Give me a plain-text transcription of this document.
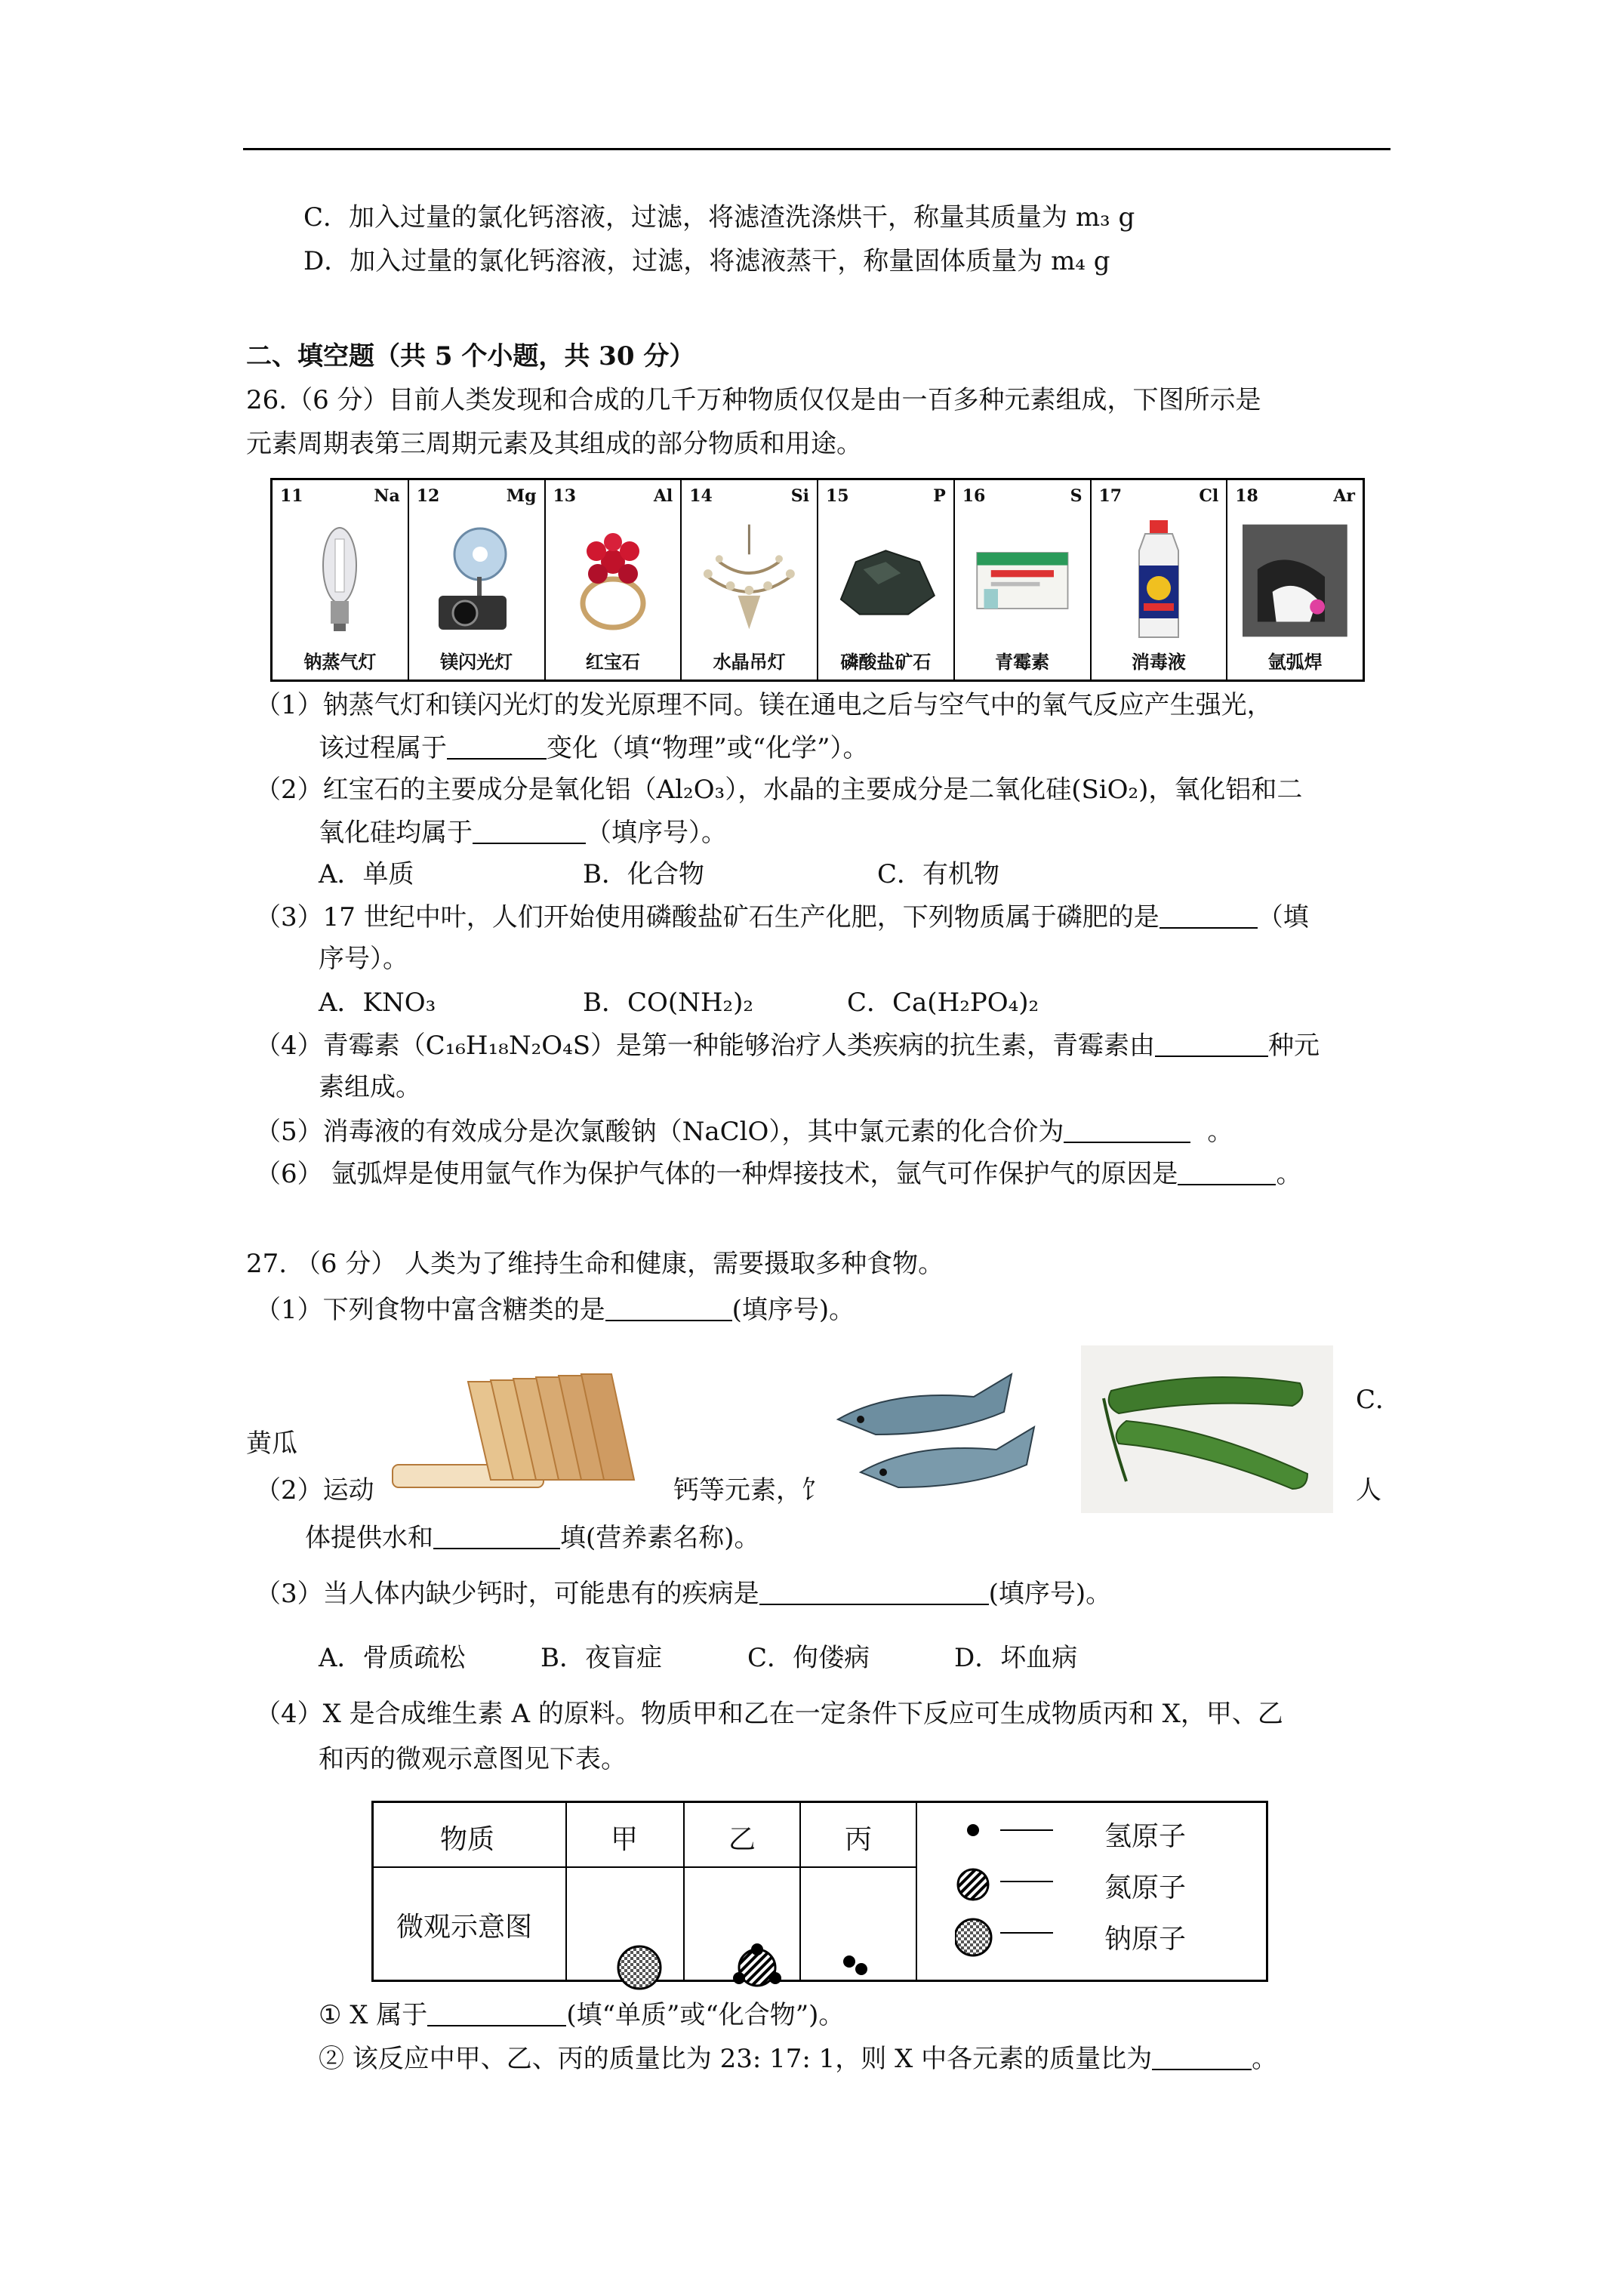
C．加入过量的氯化钙溶液，过滤，将滤渣洗涤烘干，称量其质量为 m₃ g
D．加入过量的氯化钙溶液，过滤，将滤液蒸干，称量固体质量为 m₄ g
二、填空题（共 5 个小题，共 30 分）
26.（6 分）目前人类发现和合成的几千万种物质仅仅是由一百多种元素组成，下图所示是
元素周期表第三周期元素及其组成的部分物质和用途。
11	Na
钠蒸气灯
12	Mg
镁闪光灯
13	Al
红宝石
14	Si
水晶吊灯
15	P
磷酸盐矿石
16	S
青霉素
17	Cl
消毒液
18	Ar
氩弧焊
（1）钠蒸气灯和镁闪光灯的发光原理不同。镁在通电之后与空气中的氧气反应产生强光，
该过程属于	变化（填“物理”或“化学”）。
（2）红宝石的主要成分是氧化铝（Al₂O₃），水晶的主要成分是二氧化硅(SiO₂)，氧化铝和二
氧化硅均属于	（填序号）。
A．单质	B．化合物	C．有机物
（3）17 世纪中叶，人们开始使用磷酸盐矿石生产化肥，下列物质属于磷肥的是	（填
序号）。
A．KNO₃	B．CO(NH₂)₂	C．Ca(H₂PO₄)₂
（4）青霉素（C₁₆H₁₈N₂O₄S）是第一种能够治疗人类疾病的抗生素，青霉素由	种元
素组成。
（5）消毒液的有效成分是次氯酸钠（NaClO），其中氯元素的化合价为	。
（6） 氩弧焊是使用氩气作为保护气体的一种焊接技术，氩气可作保护气的原因是	。
27. （6 分） 人类为了维持生命和健康，需要摄取多种食物。
（1）下列食物中富含糖类的是	(填序号)。
C．
黄瓜
（2）运动	钙等元素，饣	人
体提供水和	填(营养素名称)。
（3）当人体内缺少钙时，可能患有的疾病是	(填序号)。
A．骨质疏松	B．夜盲症	C．佝偻病	D．坏血病
（4）X 是合成维生素 A 的原料。物质甲和乙在一定条件下反应可生成物质丙和 X，甲、乙
和丙的微观示意图见下表。
物质	甲	乙	丙
微观示意图
氢原子
氮原子
钠原子
① X 属于	(填“单质”或“化合物”)。
② 该反应中甲、乙、丙的质量比为 23: 17: 1，则 X 中各元素的质量比为	。
